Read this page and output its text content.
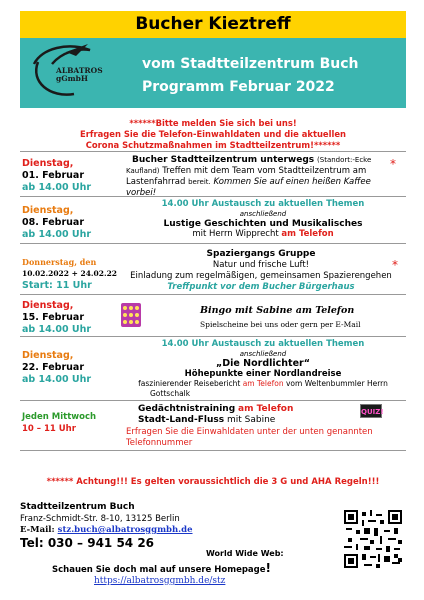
Bucher Kieztreff
ALBATROS
gGmbH
vom Stadtteilzentrum Buch
Programm Februar 2022
******Bitte melden Sie sich bei uns!
Erfragen Sie die Telefon-Einwahldaten und die aktuellen
Corona Schutzmaßnahmen im Stadtteilzentrum!******
Dienstag,
01. Februar
ab 14.00 Uhr
Bucher Stadtteilzentrum unterwegs (Standort:-Ecke
Kaufland) Treffen mit dem Team vom Stadtteilzentrum am
Lastenfahrrad bereit. Kommen Sie auf einen heißen Kaffee
vorbei!
*
Dienstag,
08. Februar
ab 14.00 Uhr
14.00 Uhr Austausch zu aktuellen Themen
anschließend
Lustige Geschichten und Musikalisches
mit Herrn Wipprecht am Telefon
Donnerstag, den
10.02.2022 + 24.02.22
Start: 11 Uhr
Spaziergangs Gruppe
Natur und frische Luft!
Einladung zum regelmäßigen, gemeinsamen Spazierengehen
Treffpunkt vor dem Bucher Bürgerhaus
*
Dienstag,
15. Februar
ab 14.00 Uhr
Bingo mit Sabine am Telefon
Spielscheine bei uns oder gern per E-Mail
Dienstag,
22. Februar
ab 14.00 Uhr
14.00 Uhr Austausch zu aktuellen Themen
anschließend
„Die Nordlichter“
Höhepunkte einer Nordlandreise
faszinierender Reisebericht am Telefon vom Weltenbummler Herrn
Gottschalk
Jeden Mittwoch
10 – 11 Uhr
Gedächtnistraining am Telefon
Stadt-Land-Fluss mit Sabine
Erfragen Sie die Einwahldaten unter der unten genannten
Telefonnummer
QUIZ!
****** Achtung!!! Es gelten voraussichtlich die 3 G und AHA Regeln!!!
Stadtteilzentrum Buch
Franz-Schmidt-Str. 8-10, 13125 Berlin
E-Mail: stz.buch@albatrosggmbh.de
Tel: 030 – 941 54 26
World Wide Web:
Schauen Sie doch mal auf unsere Homepage!
https://albatrosggmbh.de/stz
